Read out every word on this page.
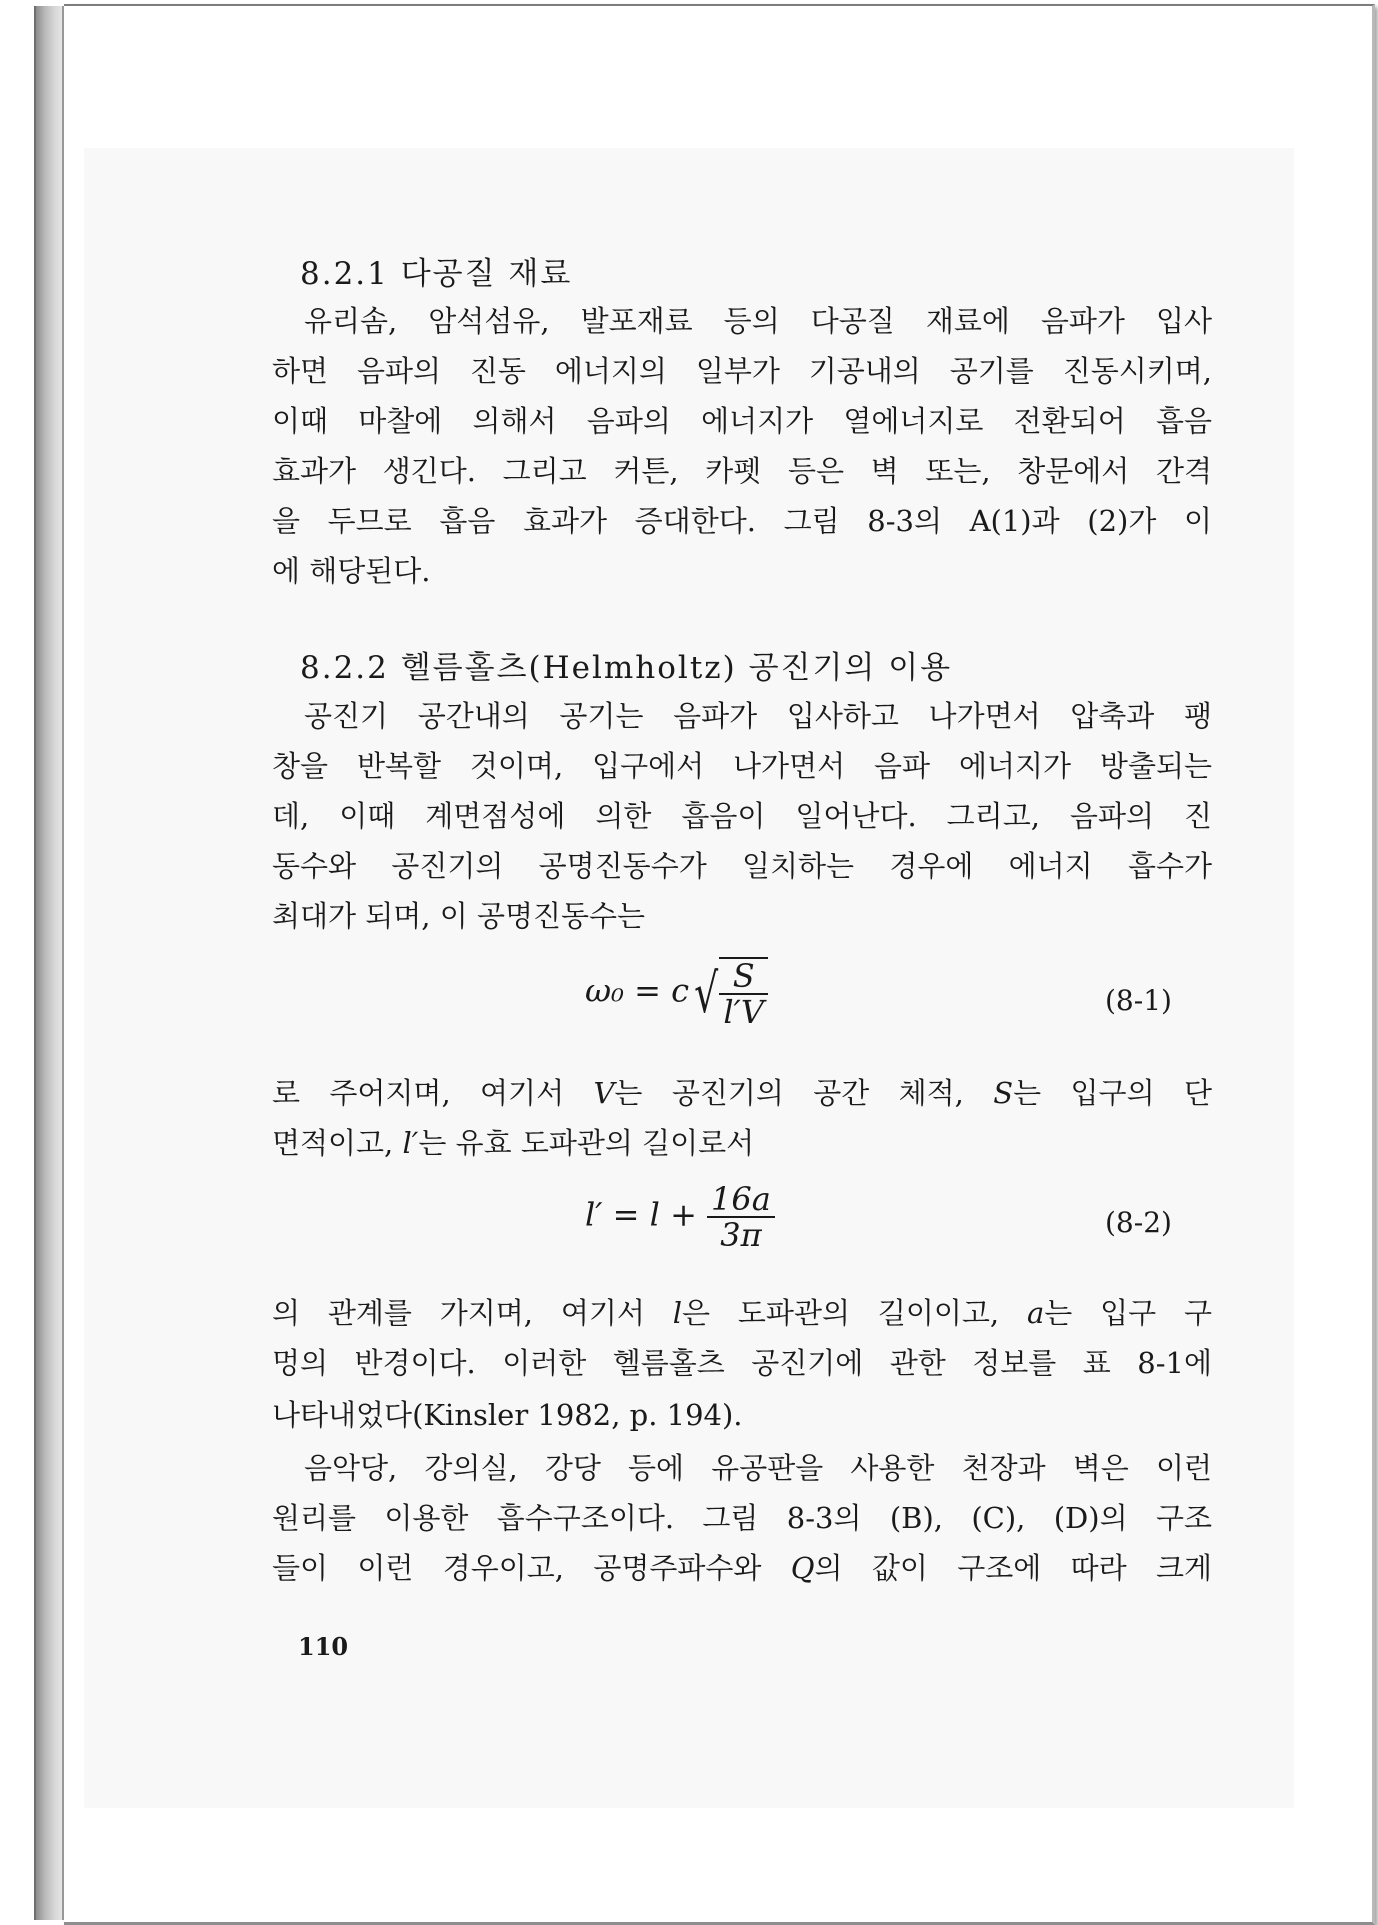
8.2.1 다공질 재료

유리솜, 암석섬유, 발포재료 등의 다공질 재료에 음파가 입사

하면 음파의 진동 에너지의 일부가 기공내의 공기를 진동시키며,

이때 마찰에 의해서 음파의 에너지가 열에너지로 전환되어 흡음

효과가 생긴다. 그리고 커튼, 카펫 등은 벽 또는, 창문에서 간격

을 두므로 흡음 효과가 증대한다. 그림 8-3의 A(1)과 (2)가 이

에 해당된다.

8.2.2 헬름홀츠(Helmholtz) 공진기의 이용

공진기 공간내의 공기는 음파가 입사하고 나가면서 압축과 팽

창을 반복할 것이며, 입구에서 나가면서 음파 에너지가 방출되는

데, 이때 계면점성에 의한 흡음이 일어난다. 그리고, 음파의 진

동수와 공진기의 공명진동수가 일치하는 경우에 에너지 흡수가

최대가 되며, 이 공명진동수는

$\omega_0 = c√ \frac{S}{l'V}$	(8-1)

로 주어지며, 여기서 V는 공진기의 공간 체적, S는 입구의 단

면적이고, l′는 유효 도파관의 길이로서

$l' = l + \frac{16a}{3\pi}$	(8-2)

의 관계를 가지며, 여기서 l은 도파관의 길이이고, a는 입구 구

멍의 반경이다. 이러한 헬름홀츠 공진기에 관한 정보를 표 8-1에

나타내었다(Kinsler 1982, p. 194).

음악당, 강의실, 강당 등에 유공판을 사용한 천장과 벽은 이런

원리를 이용한 흡수구조이다. 그림 8-3의 (B), (C), (D)의 구조

들이 이런 경우이고, 공명주파수와 Q의 값이 구조에 따라 크게

110
